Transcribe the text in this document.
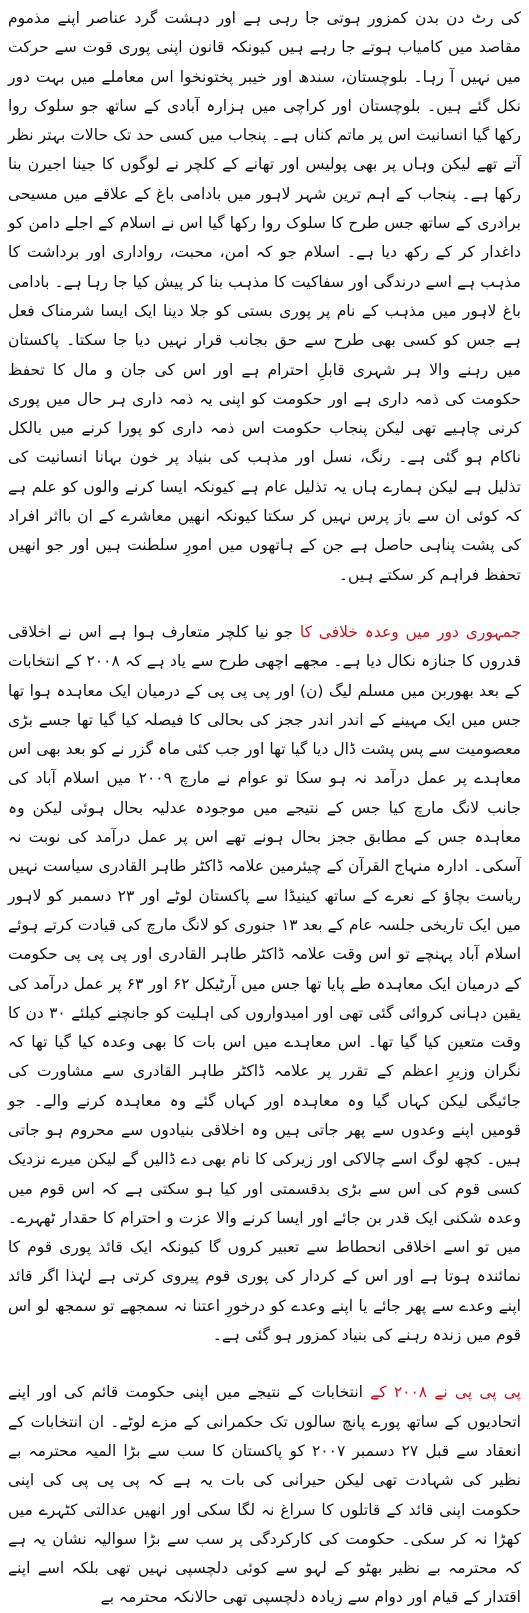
کی رٹ دن بدن کمزور ہوتی جا رہی ہے اور دہشت گرد عناصر اپنے مذموم مقاصد میں کامیاب ہوتے جا رہے ہیں کیونکہ قانون اپنی پوری قوت سے حرکت میں نہیں آ رہا۔ بلوچستان، سندھ اور خیبر پختونخوا اس معاملے میں بہت دور نکل گئے ہیں۔ بلوچستان اور کراچی میں ہزارہ آبادی کے ساتھ جو سلوک روا رکھا گیا انسانیت اس پر ماتم کناں ہے۔ پنجاب میں کسی حد تک حالات بہتر نظر آتے تھے لیکن وہاں پر بھی پولیس اور تھانے کے کلچر نے لوگوں کا جینا اجیرن بنا رکھا ہے۔ پنجاب کے اہم ترین شہر لاہور میں بادامی باغ کے علاقے میں مسیحی برادری کے ساتھ جس طرح کا سلوک روا رکھا گیا اس نے اسلام کے اجلے دامن کو داغدار کر کے رکھ دیا ہے۔ اسلام جو کہ امن، محبت، رواداری اور برداشت کا مذہب ہے اسے درندگی اور سفاکیت کا مذہب بنا کر پیش کیا جا رہا ہے۔ بادامی باغ لاہور میں مذہب کے نام پر پوری بستی کو جلا دینا ایک ایسا شرمناک فعل ہے جس کو کسی بھی طرح سے حق بجانب قرار نہیں دیا جا سکتا۔ پاکستان میں رہنے والا ہر شہری قابلِ احترام ہے اور اس کی جان و مال کا تحفظ حکومت کی ذمہ داری ہے اور حکومت کو اپنی یہ ذمہ داری ہر حال میں پوری کرنی چاہیے تھی لیکن پنجاب حکومت اس ذمہ داری کو پورا کرنے میں بالکل ناکام ہو گئی ہے۔ رنگ، نسل اور مذہب کی بنیاد پر خون بہانا انسانیت کی تذلیل ہے لیکن ہمارے ہاں یہ تذلیل عام ہے کیونکہ ایسا کرنے والوں کو علم ہے کہ کوئی ان سے باز پرس نہیں کر سکتا کیونکہ انھیں معاشرے کے ان بااثر افراد کی پشت پناہی حاصل ہے جن کے ہاتھوں میں امورِ سلطنت ہیں اور جو انھیں تحفظ فراہم کر سکتے ہیں۔

جمہوری دور میں وعدہ خلافی کا جو نیا کلچر متعارف ہوا ہے اس نے اخلاقی قدروں کا جنازہ نکال دیا ہے۔ مجھے اچھی طرح سے یاد ہے کہ ۲۰۰۸ کے انتخابات کے بعد بھوربن میں مسلم لیگ (ن) اور پی پی پی کے درمیان ایک معاہدہ ہوا تھا جس میں ایک مہینے کے اندر اندر ججز کی بحالی کا فیصلہ کیا گیا تھا جسے بڑی معصومیت سے پس پشت ڈال دیا گیا تھا اور جب کئی ماہ گزر نے کو بعد بھی اس معاہدے پر عمل درآمد نہ ہو سکا تو عوام نے مارچ ۲۰۰۹ میں اسلام آباد کی جانب لانگ مارچ کیا جس کے نتیجے میں موجودہ عدلیہ بحال ہوئی لیکن وہ معاہدہ جس کے مطابق ججز بحال ہونے تھے اس پر عمل درآمد کی نوبت نہ آسکی۔ ادارہ منہاج القرآن کے چیئرمین علامہ ڈاکٹر طاہر القادری سیاست نہیں ریاست بچاؤ کے نعرے کے ساتھ کینیڈا سے پاکستان لوٹے اور ۲۳ دسمبر کو لاہور میں ایک تاریخی جلسہ عام کے بعد ۱۳ جنوری کو لانگ مارچ کی قیادت کرتے ہوئے اسلام آباد پہنچے تو اس وقت علامہ ڈاکٹر طاہر القادری اور پی پی پی حکومت کے درمیان ایک معاہدہ طے پایا تھا جس میں آرٹیکل ۶۲ اور ۶۳ پر عمل درآمد کی یقین دہانی کروائی گئی تھی اور امیدواروں کی اہلیت کو جانچنے کیلئے ۳۰ دن کا وقت متعین کیا گیا تھا۔ اس معاہدے میں اس بات کا بھی وعدہ کیا گیا تھا کہ نگران وزیرِ اعظم کے تقرر پر علامہ ڈاکٹر طاہر القادری سے مشاورت کی جائیگی لیکن کہاں گیا وہ معاہدہ اور کہاں گئے وہ معاہدہ کرنے والے۔ جو قومیں اپنے وعدوں سے پھر جاتی ہیں وہ اخلاقی بنیادوں سے محروم ہو جاتی ہیں۔ کچھ لوگ اسے چالاکی اور زیرکی کا نام بھی دے ڈالیں گے لیکن میرے نزدیک کسی قوم کی اس سے بڑی بدقسمتی اور کیا ہو سکتی ہے کہ اس قوم میں وعدہ شکنی ایک قدر بن جائے اور ایسا کرنے والا عزت و احترام کا حقدار ٹھہرے۔ میں تو اسے اخلاقی انحطاط سے تعبیر کروں گا کیونکہ ایک قائد پوری قوم کا نمائندہ ہوتا ہے اور اس کے کردار کی پوری قوم پیروی کرتی ہے لہٰذا اگر قائد اپنے وعدے سے پھر جائے یا اپنے وعدے کو درخورِ اعتنا نہ سمجھے تو سمجھ لو اس قوم میں زندہ رہنے کی بنیاد کمزور ہو گئی ہے۔

پی پی پی نے ۲۰۰۸ کے انتخابات کے نتیجے میں اپنی حکومت قائم کی اور اپنے اتحادیوں کے ساتھ پورے پانچ سالوں تک حکمرانی کے مزے لوٹے۔ ان انتخابات کے انعقاد سے قبل ۲۷ دسمبر ۲۰۰۷ کو پاکستان کا سب سے بڑا المیہ محترمہ بے نظیر کی شہادت تھی لیکن حیرانی کی بات یہ ہے کہ پی پی پی کی اپنی حکومت اپنی قائد کے قاتلوں کا سراغ نہ لگا سکی اور انھیں عدالتی کٹہرے میں کھڑا نہ کر سکی۔ حکومت کی کارکردگی پر سب سے بڑا سوالیہ نشان یہ ہے کہ محترمہ بے نظیر بھٹو کے لہو سے کوئی دلچسپی نہیں تھی بلکہ اسے اپنے اقتدار کے قیام اور دوام سے زیادہ دلچسپی تھی حالانکہ محترمہ بے
